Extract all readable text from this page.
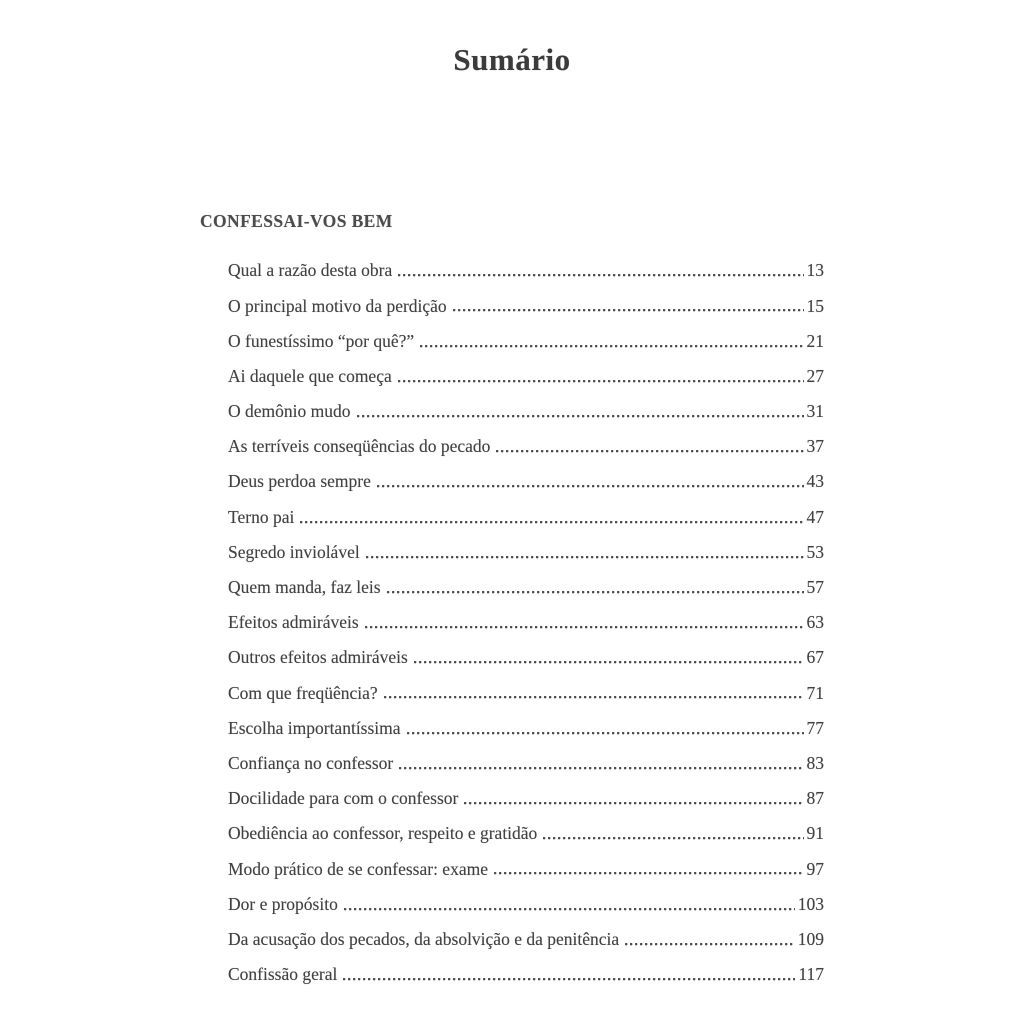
Sumário
CONFESSAI-VOS BEM
Qual a razão desta obra	13
O principal motivo da perdição	15
O funestíssimo “por quê?”	21
Ai daquele que começa	27
O demônio mudo	31
As terríveis conseqüências do pecado	37
Deus perdoa sempre	43
Terno pai	47
Segredo inviolável	53
Quem manda, faz leis	57
Efeitos admiráveis	63
Outros efeitos admiráveis	67
Com que freqüência?	71
Escolha importantíssima	77
Confiança no confessor	83
Docilidade para com o confessor	87
Obediência ao confessor, respeito e gratidão	91
Modo prático de se confessar: exame	97
Dor e propósito	103
Da acusação dos pecados, da absolvição e da penitência	109
Confissão geral	117
